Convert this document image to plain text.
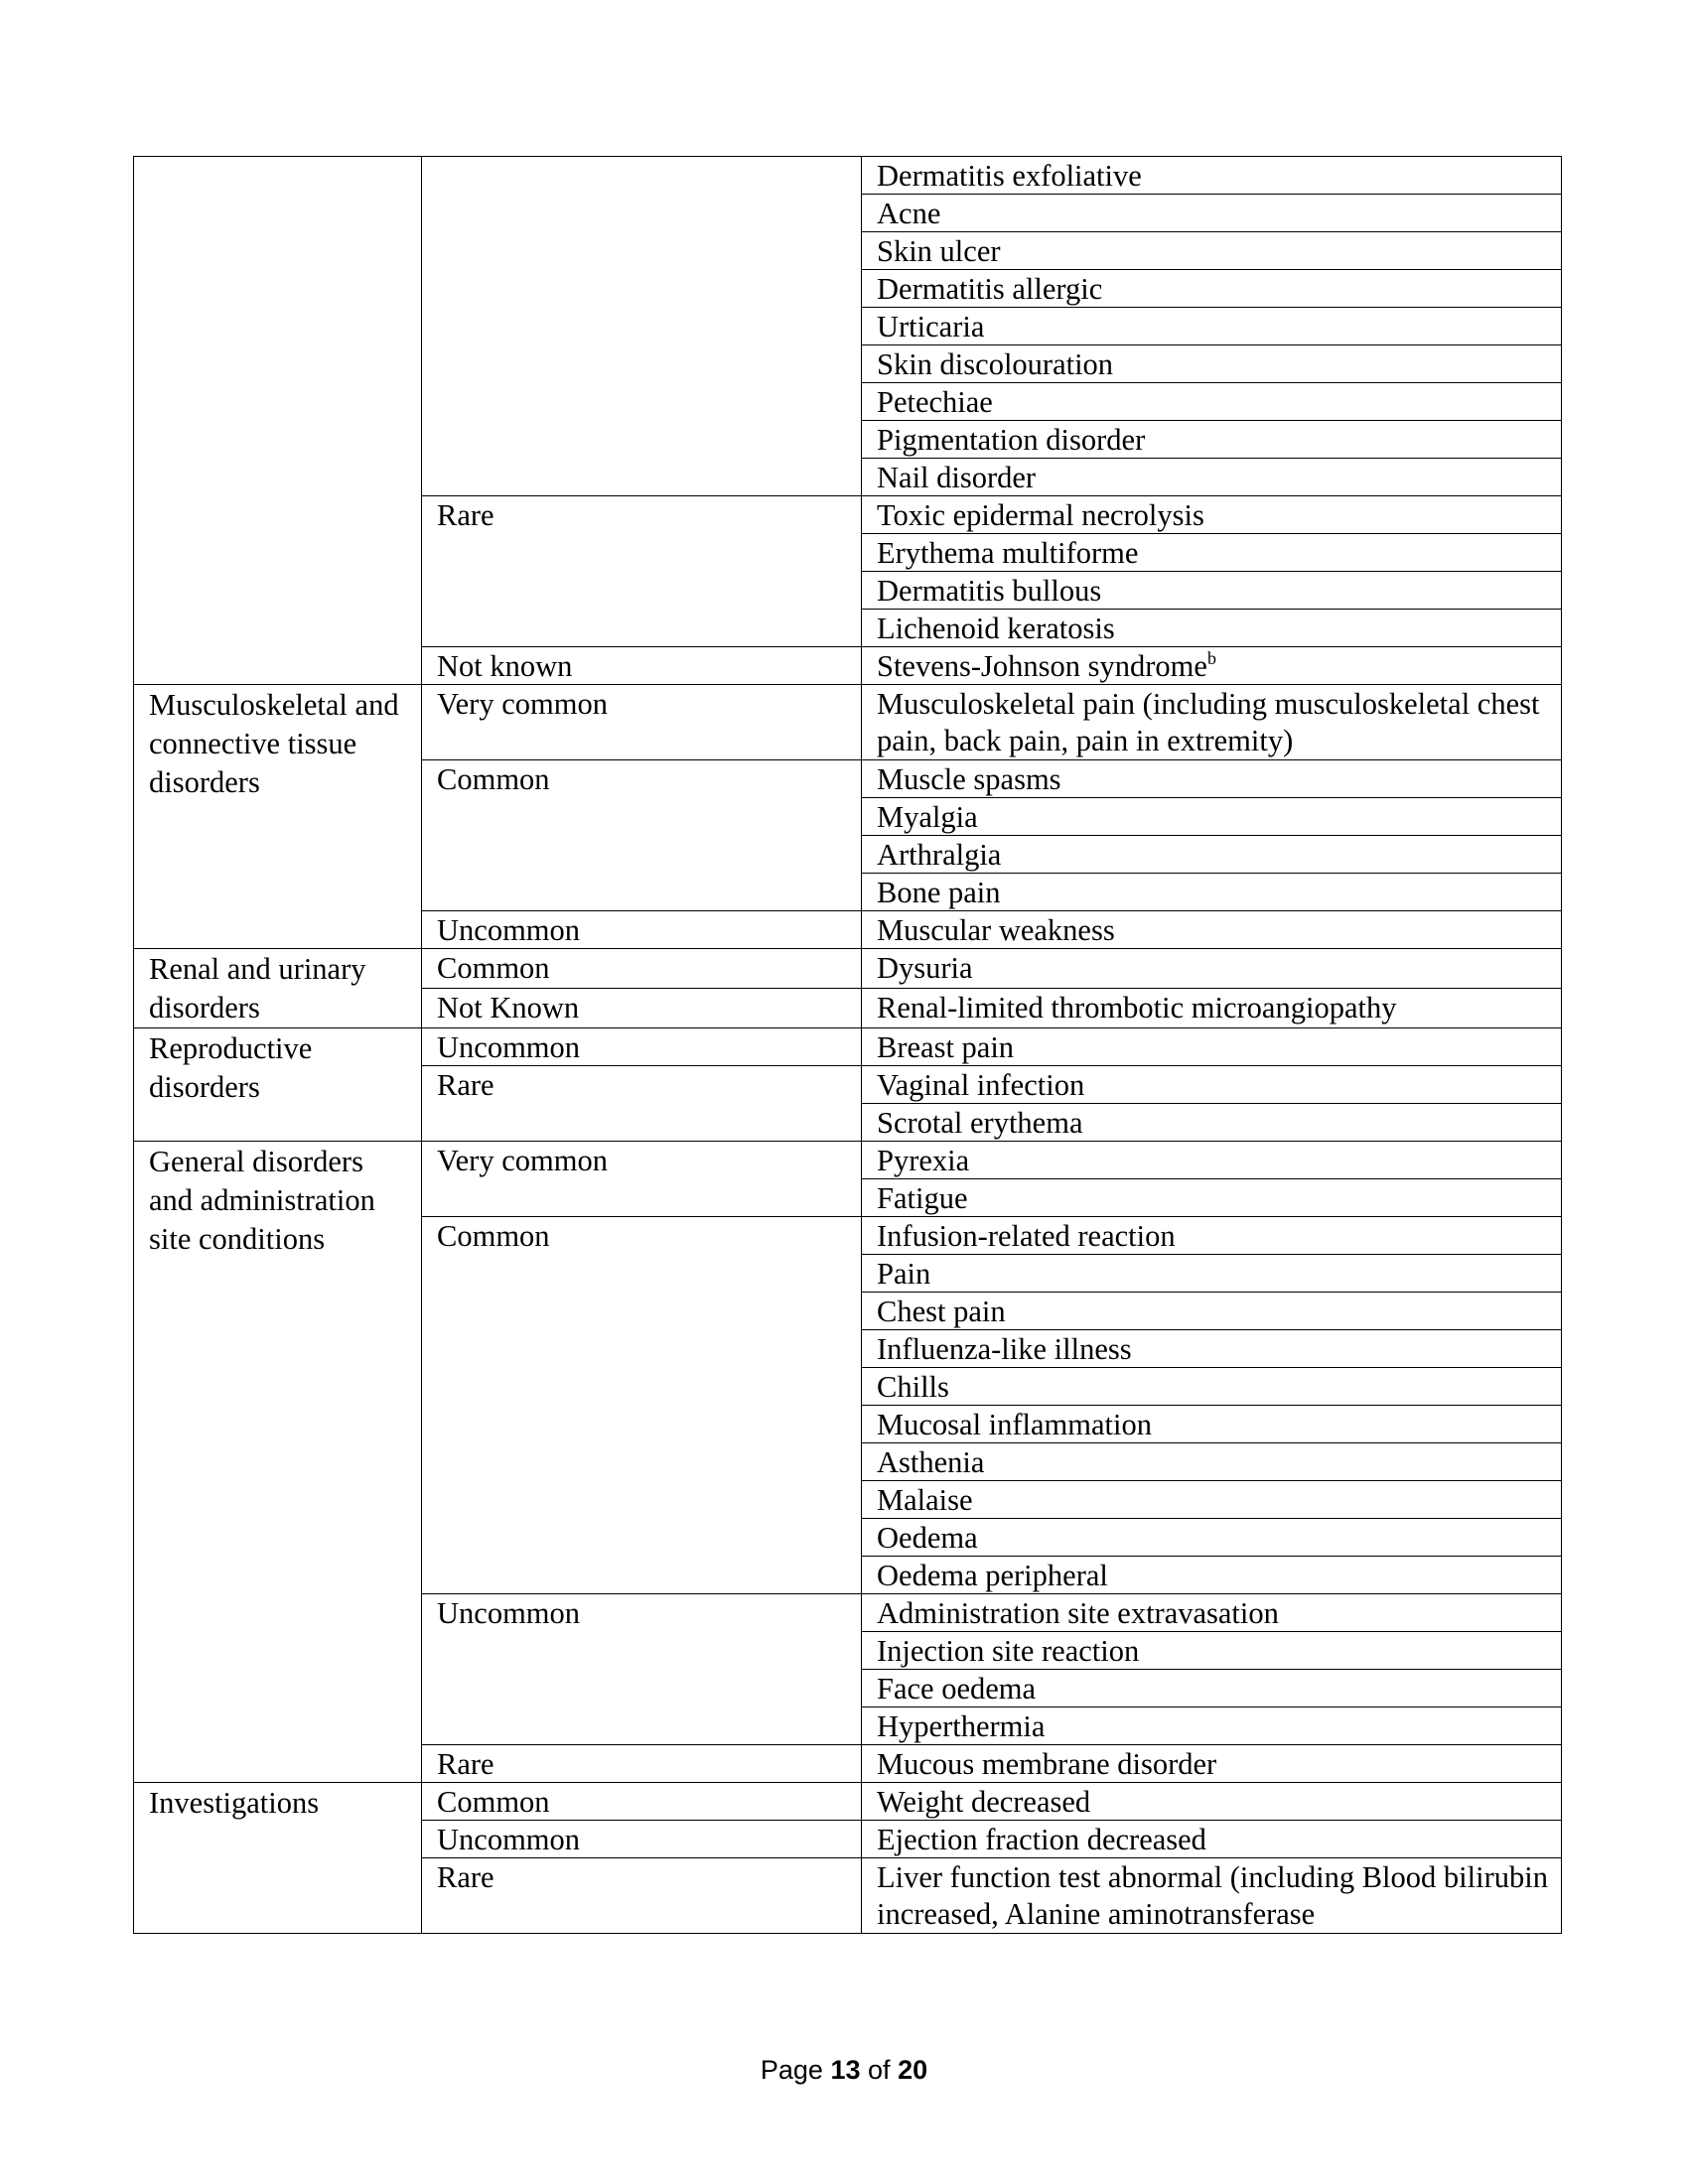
		Dermatitis exfoliative
		Acne
		Skin ulcer
		Dermatitis allergic
		Urticaria
		Skin discolouration
		Petechiae
		Pigmentation disorder
		Nail disorder
	Rare	Toxic epidermal necrolysis
		Erythema multiforme
		Dermatitis bullous
		Lichenoid keratosis
	Not known	Stevens-Johnson syndrome$^b$
Musculoskeletal and connective tissue disorders	Very common	Musculoskeletal pain (including musculoskeletal chest pain, back pain, pain in extremity)
	Common	Muscle spasms
		Myalgia
		Arthralgia
		Bone pain
	Uncommon	Muscular weakness
Renal and urinary disorders	Common	Dysuria
	Not Known	Renal-limited thrombotic microangiopathy
Reproductive disorders	Uncommon	Breast pain
	Rare	Vaginal infection
		Scrotal erythema
General disorders and administration site conditions	Very common	Pyrexia
		Fatigue
	Common	Infusion-related reaction
		Pain
		Chest pain
		Influenza-like illness
		Chills
		Mucosal inflammation
		Asthenia
		Malaise
		Oedema
		Oedema peripheral
	Uncommon	Administration site extravasation
		Injection site reaction
		Face oedema
		Hyperthermia
	Rare	Mucous membrane disorder
Investigations	Common	Weight decreased
	Uncommon	Ejection fraction decreased
	Rare	Liver function test abnormal (including Blood bilirubin increased, Alanine aminotransferase
Page 13 of 20
